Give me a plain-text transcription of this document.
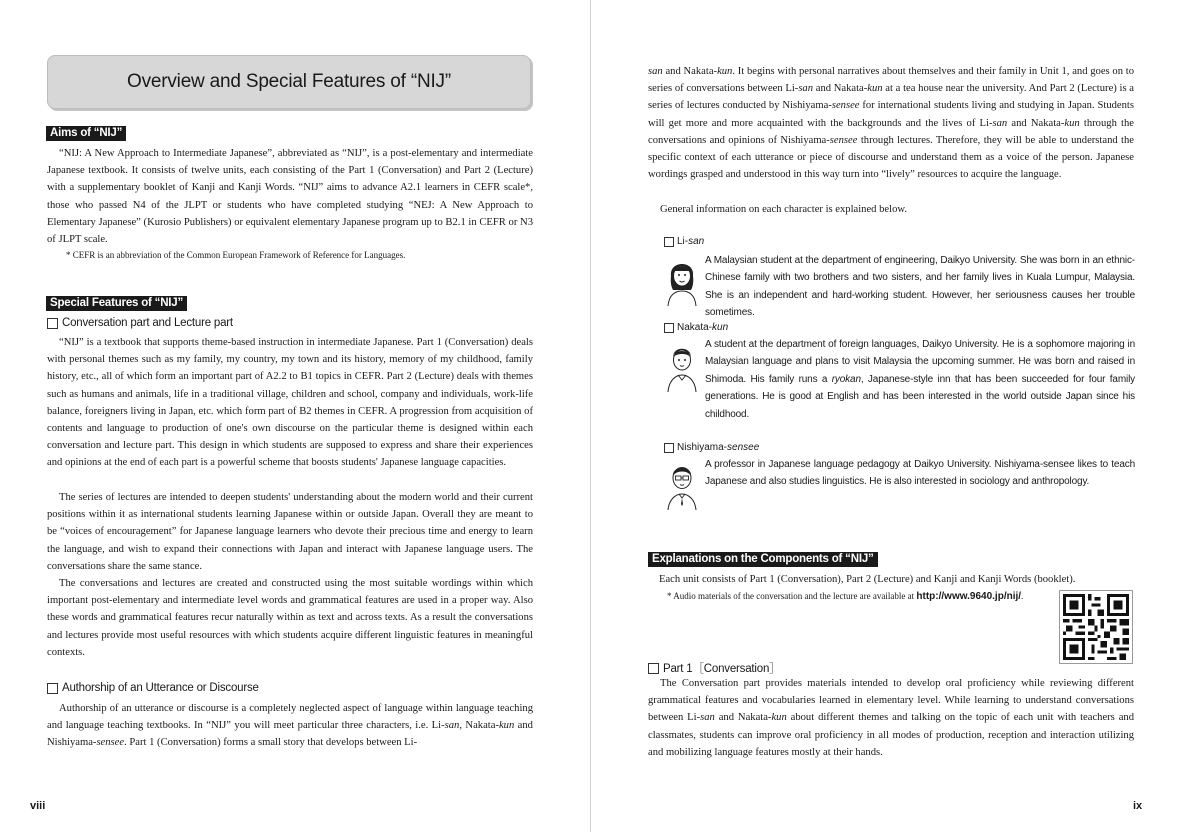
Overview and Special Features of “NIJ”
Aims of “NIJ”
“NIJ: A New Approach to Intermediate Japanese”, abbreviated as “NIJ”, is a post-elementary and intermediate Japanese textbook. It consists of twelve units, each consisting of the Part 1 (Conversation) and Part 2 (Lecture) with a supplementary booklet of Kanji and Kanji Words. “NIJ” aims to advance A2.1 learners in CEFR scale*, those who passed N4 of the JLPT or students who have completed studying “NEJ: A New Approach to Elementary Japanese” (Kurosio Publishers) or equivalent elementary Japanese program up to B2.1 in CEFR or N3 of JLPT scale.
* CEFR is an abbreviation of the Common European Framework of Reference for Languages.
Special Features of “NIJ”
Conversation part and Lecture part
“NIJ” is a textbook that supports theme-based instruction in intermediate Japanese. Part 1 (Conversation) deals with personal themes such as my family, my country, my town and its history, memory of my childhood, family history, etc., all of which form an important part of A2.2 to B1 topics in CEFR. Part 2 (Lecture) deals with themes such as humans and animals, life in a traditional village, children and school, company and individuals, work-life balance, foreigners living in Japan, etc. which form part of B2 themes in CEFR. A progression from acquisition of contents and language to production of one's own discourse on the particular theme is designed within each conversation and lecture part. This design in which students are supposed to express and share their experiences and opinions at the end of each part is a powerful scheme that boosts students' Japanese language capacities.
The series of lectures are intended to deepen students' understanding about the modern world and their current positions within it as international students learning Japanese within or outside Japan. Overall they are meant to be “voices of encouragement” for Japanese language learners who devote their precious time and energy to learn the language, and wish to expand their connections with Japan and interact with Japanese language users. The conversations share the same stance.
The conversations and lectures are created and constructed using the most suitable wordings within which important post-elementary and intermediate level words and grammatical features are used in a proper way. Also these words and grammatical features recur naturally within as text and across texts. As a result the conversations and lectures provide most useful resources with which students acquire different linguistic features in meaningful contexts.
Authorship of an Utterance or Discourse
Authorship of an utterance or discourse is a completely neglected aspect of language within language teaching and language teaching textbooks. In “NIJ” you will meet particular three characters, i.e. Li-san, Nakata-kun and Nishiyama-sensee. Part 1 (Conversation) forms a small story that develops between Li-
viii
san and Nakata-kun. It begins with personal narratives about themselves and their family in Unit 1, and goes on to series of conversations between Li-san and Nakata-kun at a tea house near the university. And Part 2 (Lecture) is a series of lectures conducted by Nishiyama-sensee for international students living and studying in Japan. Students will get more and more acquainted with the backgrounds and the lives of Li-san and Nakata-kun through the conversations and opinions of Nishiyama-sensee through lectures. Therefore, they will be able to understand the specific context of each utterance or piece of discourse and understand them as a voice of the person. Japanese wordings grasped and understood in this way turn into “lively” resources to acquire the language.
General information on each character is explained below.
Li-san
A Malaysian student at the department of engineering, Daikyo University. She was born in an ethnic-Chinese family with two brothers and two sisters, and her family lives in Kuala Lumpur, Malaysia. She is an independent and hard-working student. However, her seriousness causes her trouble sometimes.
Nakata-kun
A student at the department of foreign languages, Daikyo University. He is a sophomore majoring in Malaysian language and plans to visit Malaysia the upcoming summer. He was born and raised in Shimoda. His family runs a ryokan, Japanese-style inn that has been succeeded for four family generations. He is good at English and has been interested in the world outside Japan since his childhood.
Nishiyama-sensee
A professor in Japanese language pedagogy at Daikyo University. Nishiyama-sensee likes to teach Japanese and also studies linguistics. He is also interested in sociology and anthropology.
Explanations on the Components of “NIJ”
Each unit consists of Part 1 (Conversation), Part 2 (Lecture) and Kanji and Kanji Words (booklet).
* Audio materials of the conversation and the lecture are available at http://www.9640.jp/nij/.
Part 1［Conversation］
The Conversation part provides materials intended to develop oral proficiency while reviewing different grammatical features and vocabularies learned in elementary level. While learning to understand conversations between Li-san and Nakata-kun about different themes and talking on the topic of each unit with teachers and classmates, students can improve oral proficiency in all modes of production, reception and interaction utilizing and mobilizing language features mostly at their hands.
ix
